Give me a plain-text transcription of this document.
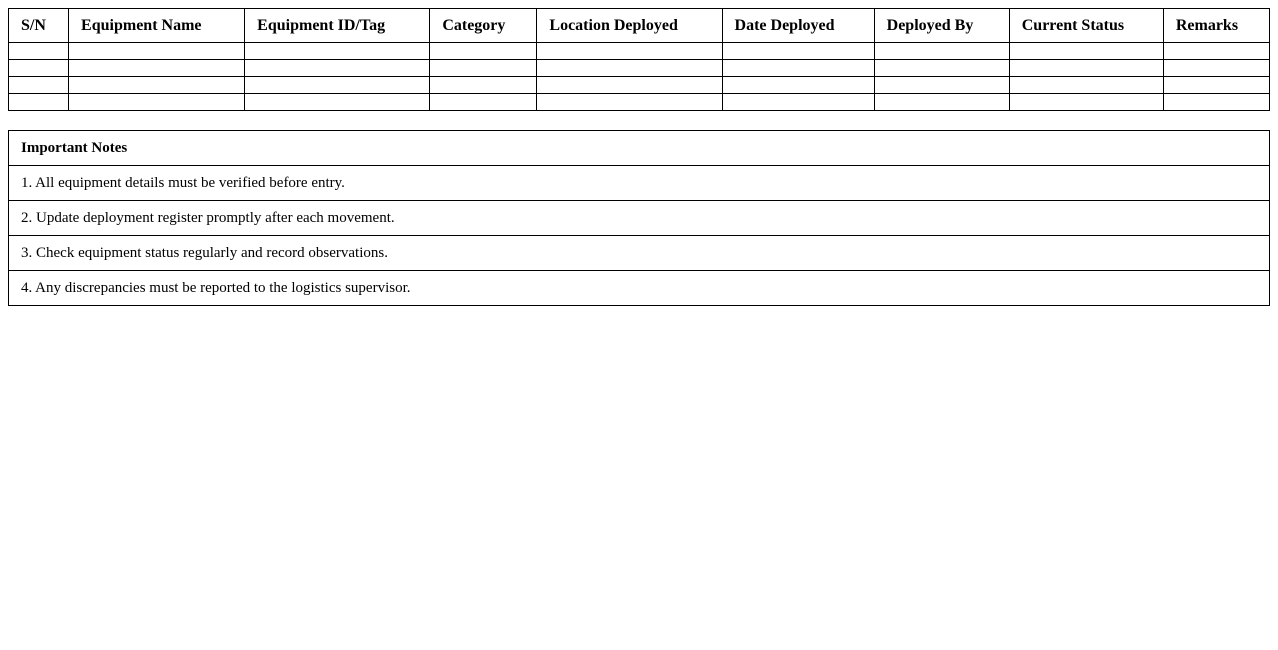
S/N	Equipment Name	Equipment ID/Tag	Category	Location Deployed	Date Deployed	Deployed By	Current Status	Remarks

Important Notes
1. All equipment details must be verified before entry.
2. Update deployment register promptly after each movement.
3. Check equipment status regularly and record observations.
4. Any discrepancies must be reported to the logistics supervisor.
